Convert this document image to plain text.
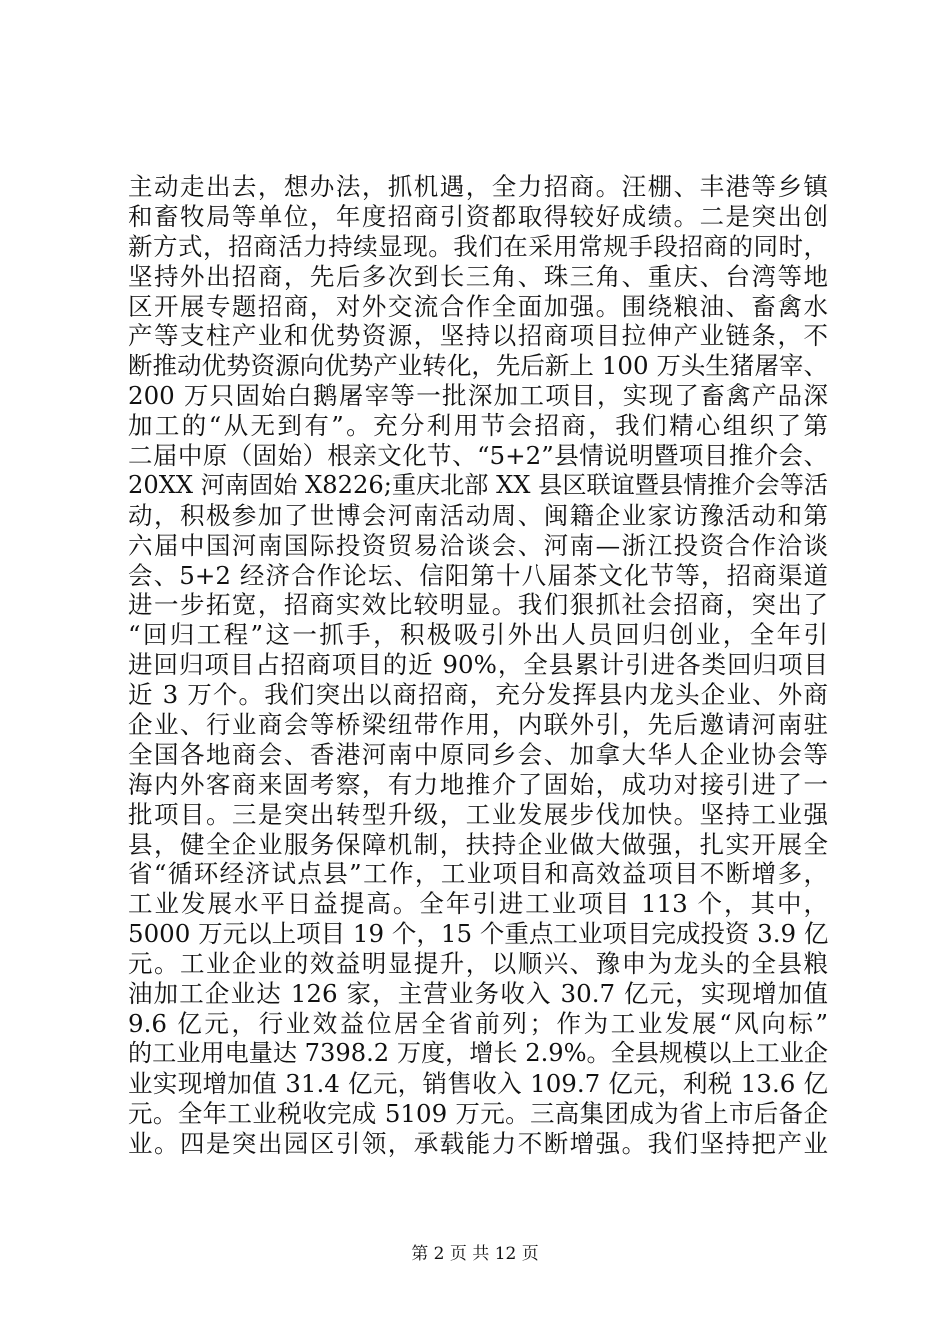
主动走出去，想办法，抓机遇，全力招商。汪棚、丰港等乡镇
和畜牧局等单位，年度招商引资都取得较好成绩。二是突出创
新方式，招商活力持续显现。我们在采用常规手段招商的同时，
坚持外出招商，先后多次到长三角、珠三角、重庆、台湾等地
区开展专题招商，对外交流合作全面加强。围绕粮油、畜禽水
产等支柱产业和优势资源，坚持以招商项目拉伸产业链条，不
断推动优势资源向优势产业转化，先后新上 100 万头生猪屠宰、
200 万只固始白鹅屠宰等一批深加工项目，实现了畜禽产品深
加工的“从无到有”。充分利用节会招商，我们精心组织了第
二届中原（固始）根亲文化节、“5+2”县情说明暨项目推介会、
20XX 河南固始 X8226;重庆北部 XX 县区联谊暨县情推介会等活
动，积极参加了世博会河南活动周、闽籍企业家访豫活动和第
六届中国河南国际投资贸易洽谈会、河南—浙江投资合作洽谈
会、5+2 经济合作论坛、信阳第十八届茶文化节等，招商渠道
进一步拓宽，招商实效比较明显。我们狠抓社会招商，突出了
“回归工程”这一抓手，积极吸引外出人员回归创业，全年引
进回归项目占招商项目的近 90%，全县累计引进各类回归项目
近 3 万个。我们突出以商招商，充分发挥县内龙头企业、外商
企业、行业商会等桥梁纽带作用，内联外引，先后邀请河南驻
全国各地商会、香港河南中原同乡会、加拿大华人企业协会等
海内外客商来固考察，有力地推介了固始，成功对接引进了一
批项目。三是突出转型升级，工业发展步伐加快。坚持工业强
县，健全企业服务保障机制，扶持企业做大做强，扎实开展全
省“循环经济试点县”工作，工业项目和高效益项目不断增多，
工业发展水平日益提高。全年引进工业项目 113 个，其中，
5000 万元以上项目 19 个，15 个重点工业项目完成投资 3.9 亿
元。工业企业的效益明显提升，以顺兴、豫申为龙头的全县粮
油加工企业达 126 家，主营业务收入 30.7 亿元，实现增加值
9.6 亿元，行业效益位居全省前列；作为工业发展“风向标”
的工业用电量达 7398.2 万度，增长 2.9%。全县规模以上工业企
业实现增加值 31.4 亿元，销售收入 109.7 亿元，利税 13.6 亿
元。全年工业税收完成 5109 万元。三高集团成为省上市后备企
业。四是突出园区引领，承载能力不断增强。我们坚持把产业
第 2 页 共 12 页
